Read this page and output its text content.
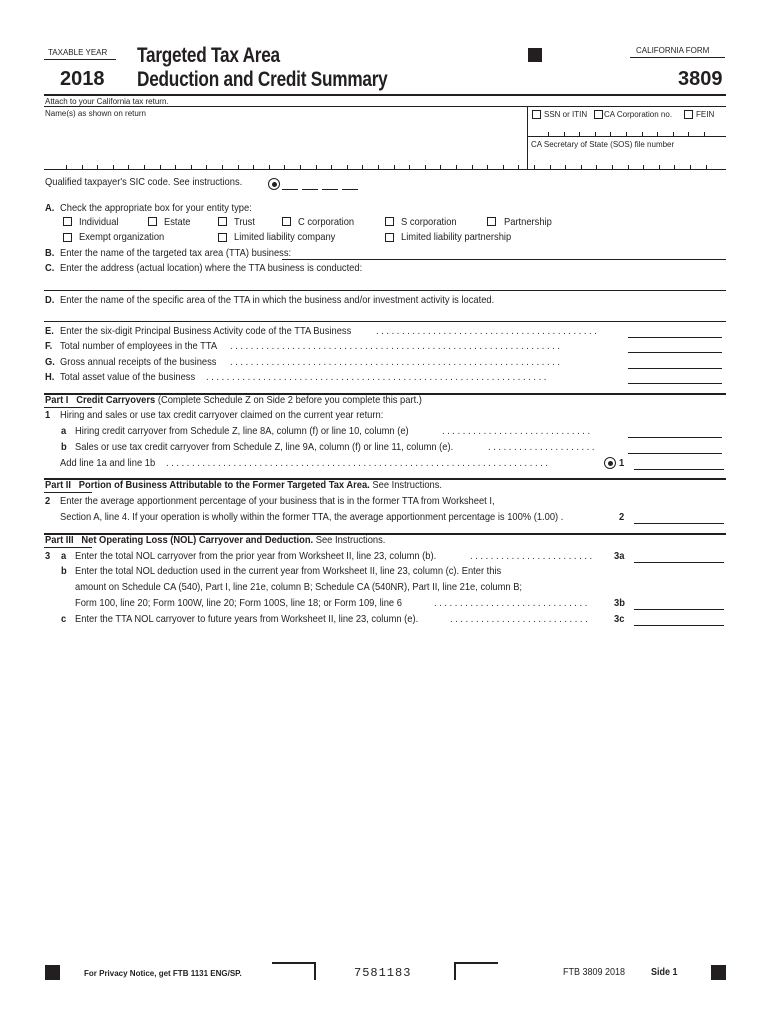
TAXABLE YEAR
2018
Targeted Tax Area
Deduction and Credit Summary
CALIFORNIA FORM
3809
Attach to your California tax return.
Name(s) as shown on return	SSN or ITIN CA Corporation no.	FEIN
CA Secretary of State (SOS) file number
Qualified taxpayer's SIC code. See instructions.
A. Check the appropriate box for your entity type:
Individual	Estate	Trust	C corporation	S corporation	Partnership
Exempt organization	Limited liability company	Limited liability partnership
B. Enter the name of the targeted tax area (TTA) business:
C. Enter the address (actual location) where the TTA business is conducted:
D. Enter the name of the specific area of the TTA in which the business and/or investment activity is located.
E. Enter the six-digit Principal Business Activity code of the TTA Business . . . . . . . . . . . . . . . . . . . . . . . . . . . . . . . . . . . . . . . . . . .
F. Total number of employees in the TTA . . . . . . . . . . . . . . . . . . . . . . . . . . . . . . . . . . . . . . . . . . . . . . . . . . . . . . . . . . . . . . . .
G. Gross annual receipts of the business . . . . . . . . . . . . . . . . . . . . . . . . . . . . . . . . . . . . . . . . . . . . . . . . . . . . . . . . . . . . . . . .
H. Total asset value of the business . . . . . . . . . . . . . . . . . . . . . . . . . . . . . . . . . . . . . . . . . . . . . . . . . . . . . . . . . . . . . . . . . .
Part I Credit Carryovers (Complete Schedule Z on Side 2 before you complete this part.)
1 Hiring and sales or use tax credit carryover claimed on the current year return:
a Hiring credit carryover from Schedule Z, line 8A, column (f) or line 10, column (e)	. . . . . . . . . . . . . . . . . . . . . . . . . . . . .
b Sales or use tax credit carryover from Schedule Z, line 9A, column (f) or line 11, column (e).	. . . . . . . . . . . . . . . . . . . . .
Add line 1a and line 1b . . . . . . . . . . . . . . . . . . . . . . . . . . . . . . . . . . . . . . . . . . . . . . . . . . . . . . . . . . . . . . . . . . . . . . . . . .	1
Part II Portion of Business Attributable to the Former Targeted Tax Area. See Instructions.
2 Enter the average apportionment percentage of your business that is in the former TTA from Worksheet I,
Section A, line 4. If your operation is wholly within the former TTA, the average apportionment percentage is 100% (1.00) .	2
Part III Net Operating Loss (NOL) Carryover and Deduction. See Instructions.
3 a Enter the total NOL carryover from the prior year from Worksheet II, line 23, column (b).	. . . . . . . . . . . . . . . . . . . . . . . . 3a
b Enter the total NOL deduction used in the current year from Worksheet II, line 23, column (c). Enter this
amount on Schedule CA (540), Part I, line 21e, column B; Schedule CA (540NR), Part II, line 21e, column B;
Form 100, line 20; Form 100W, line 20; Form 100S, line 18; or Form 109, line 6	. . . . . . . . . . . . . . . . . . . . . . . . . . . . . .	3b
c Enter the TTA NOL carryover to future years from Worksheet II, line 23, column (e).	. . . . . . . . . . . . . . . . . . . . . . . . . . .	3c
For Privacy Notice, get FTB 1131 ENG/SP.	7581183	FTB 3809 2018	Side 1
